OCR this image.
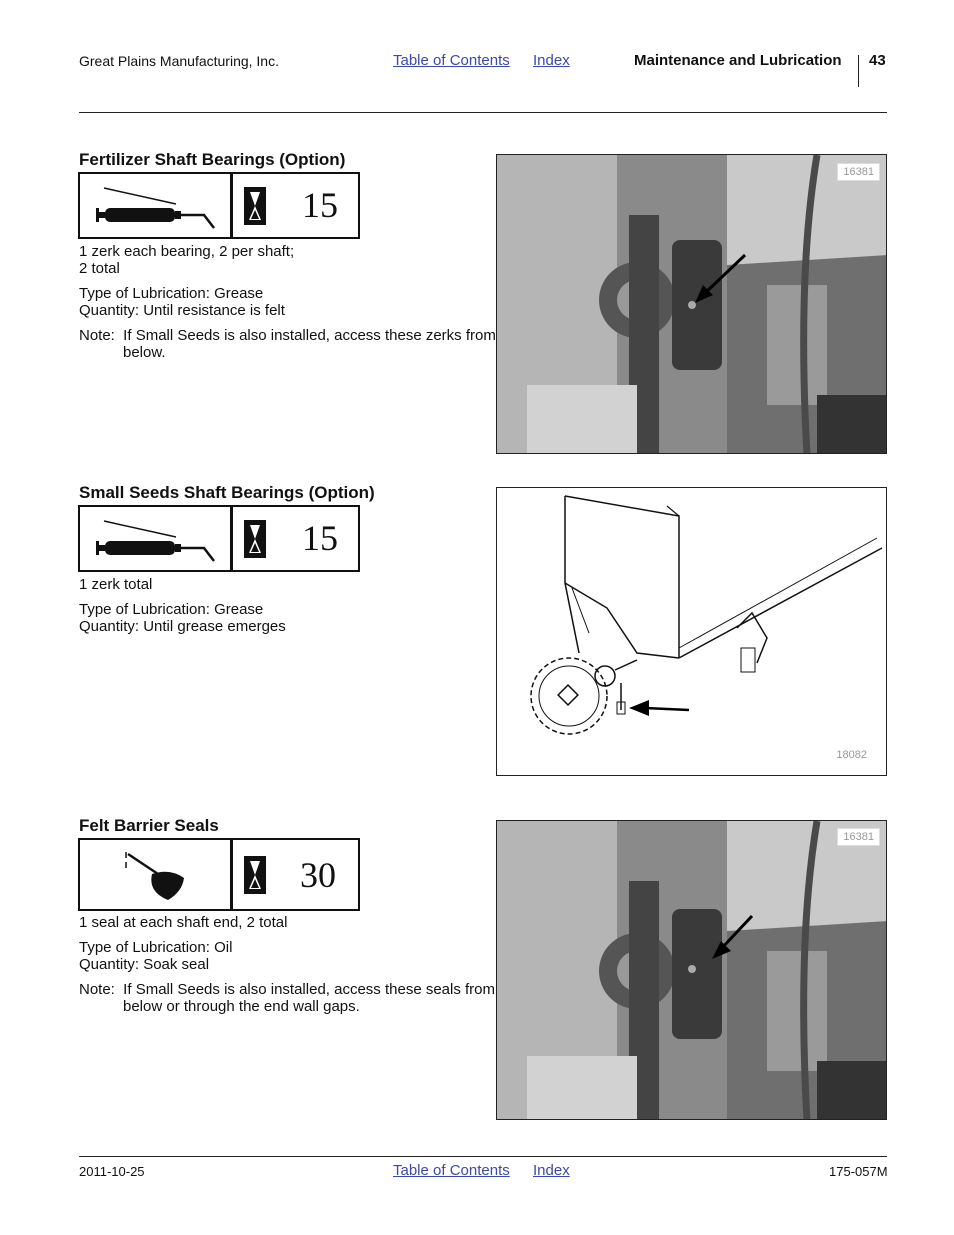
Great Plains Manufacturing, Inc.	Table of Contents Index	Maintenance and Lubrication 43
Fertilizer Shaft Bearings (Option)
15
1 zerk each bearing, 2 per shaft;
2 total
Type of Lubrication: Grease
Quantity: Until resistance is felt
Note:  If Small Seeds is also installed, access these zerks from below.
16381
Small Seeds Shaft Bearings (Option)
15
1 zerk total
Type of Lubrication: Grease
Quantity: Until grease emerges
18082
Felt Barrier Seals
30
1 seal at each shaft end, 2 total
Type of Lubrication: Oil
Quantity: Soak seal
Note:  If Small Seeds is also installed, access these seals from below or through the end wall gaps.
16381
2011-10-25	Table of Contents Index	175-057M
